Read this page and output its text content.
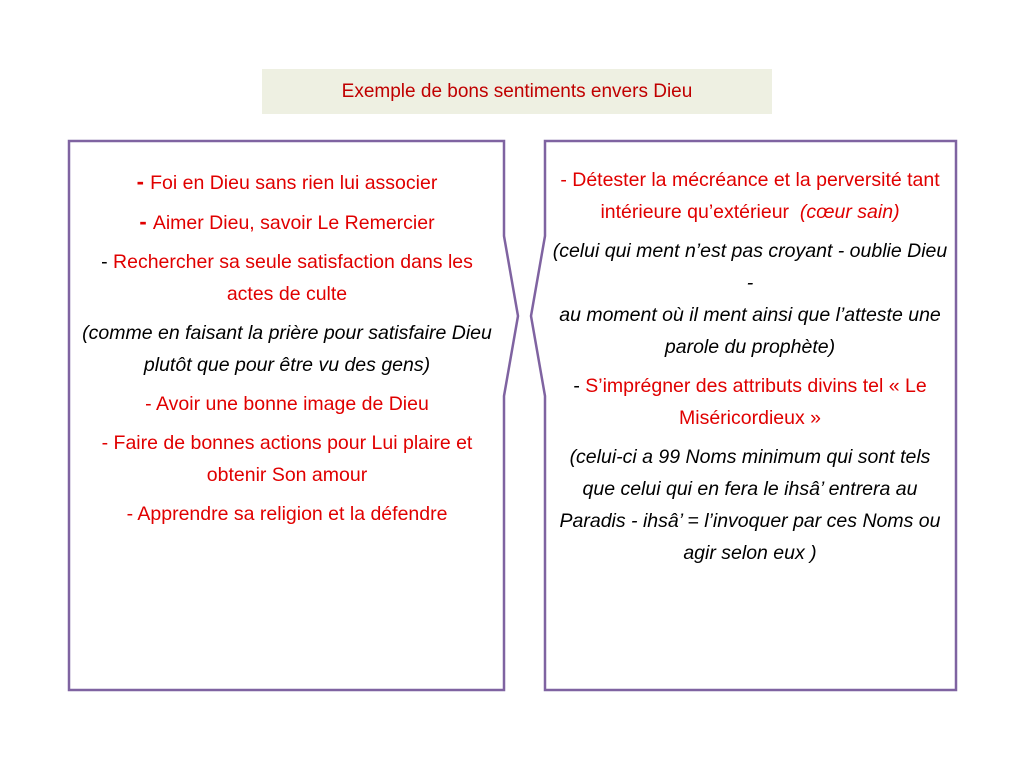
Exemple de bons sentiments envers Dieu

- Foi en Dieu sans rien lui associer

- Aimer Dieu, savoir Le Remercier

- Rechercher sa seule satisfaction dans les actes de culte

(comme en faisant la prière pour satisfaire Dieu plutôt que pour être vu des gens)

- Avoir une bonne image de Dieu

- Faire de bonnes actions pour Lui plaire et obtenir Son amour

- Apprendre sa religion et la défendre

- Détester la mécréance et la perversité tant intérieure qu’extérieur (cœur sain)

(celui qui ment n’est pas croyant - oublie Dieu -
au moment où il ment ainsi que l’atteste une parole du prophète)

- S’imprégner des attributs divins tel « Le Miséricordieux »

(celui-ci a 99 Noms minimum qui sont tels que celui qui en fera le ihsâ’ entrera au Paradis - ihsâ’ = l’invoquer par ces Noms ou agir selon eux )
